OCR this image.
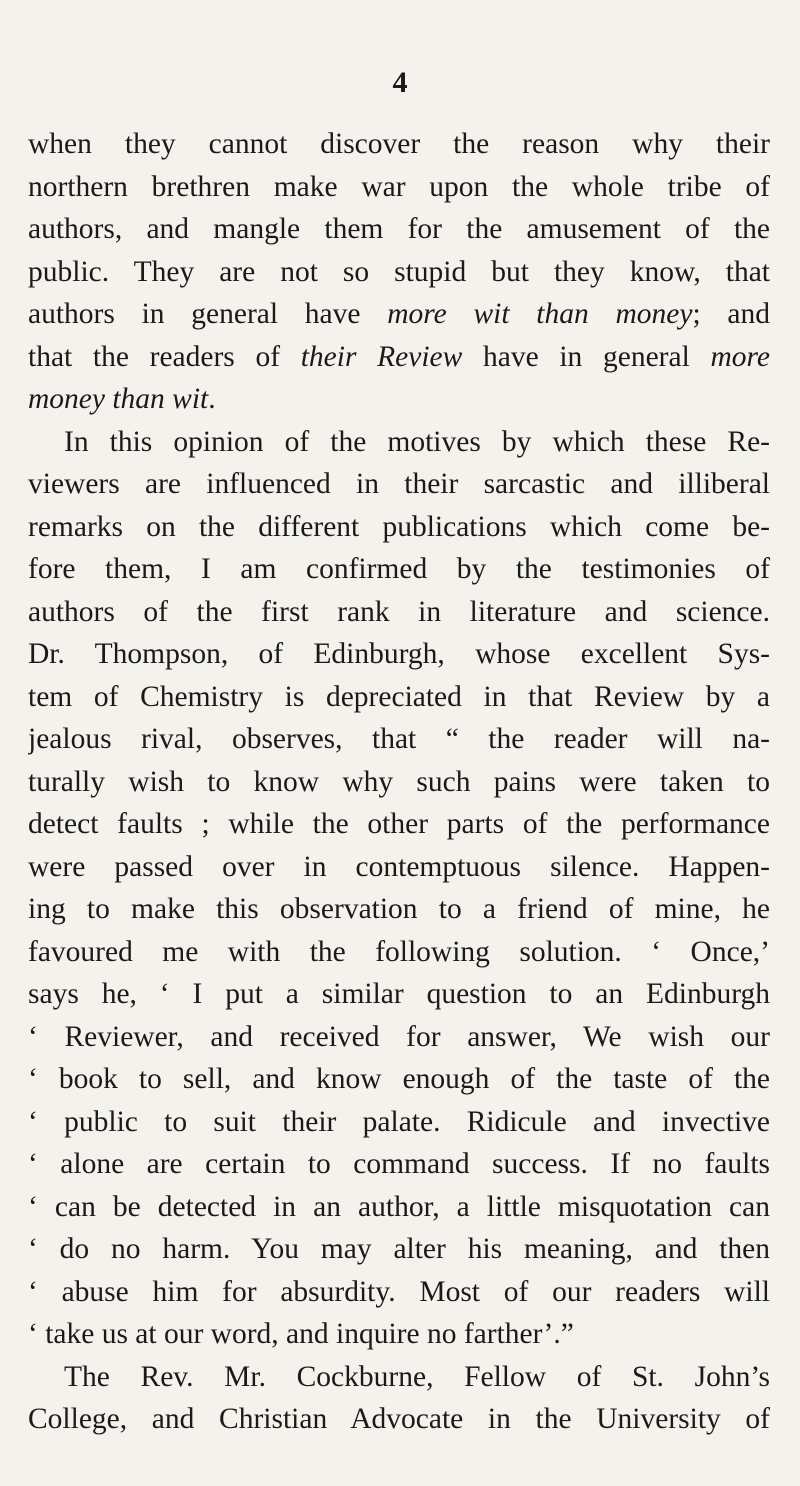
4
when they cannot discover the reason why their
northern brethren make war upon the whole tribe of
authors, and mangle them for the amusement of the
public. They are not so stupid but they know, that
authors in general have more wit than money; and
that the readers of their Review have in general more
money than wit.
In this opinion of the motives by which these Re-
viewers are influenced in their sarcastic and illiberal
remarks on the different publications which come be-
fore them, I am confirmed by the testimonies of
authors of the first rank in literature and science.
Dr. Thompson, of Edinburgh, whose excellent Sys-
tem of Chemistry is depreciated in that Review by a
jealous rival, observes, that “ the reader will na-
turally wish to know why such pains were taken to
detect faults ; while the other parts of the performance
were passed over in contemptuous silence. Happen-
ing to make this observation to a friend of mine, he
favoured me with the following solution. ‘ Once,’
says he, ‘ I put a similar question to an Edinburgh
‘ Reviewer, and received for answer, We wish our
‘ book to sell, and know enough of the taste of the
‘ public to suit their palate. Ridicule and invective
‘ alone are certain to command success. If no faults
‘ can be detected in an author, a little misquotation can
‘ do no harm. You may alter his meaning, and then
‘ abuse him for absurdity. Most of our readers will
‘ take us at our word, and inquire no farther’.”
The Rev. Mr. Cockburne, Fellow of St. John’s
College, and Christian Advocate in the University of
